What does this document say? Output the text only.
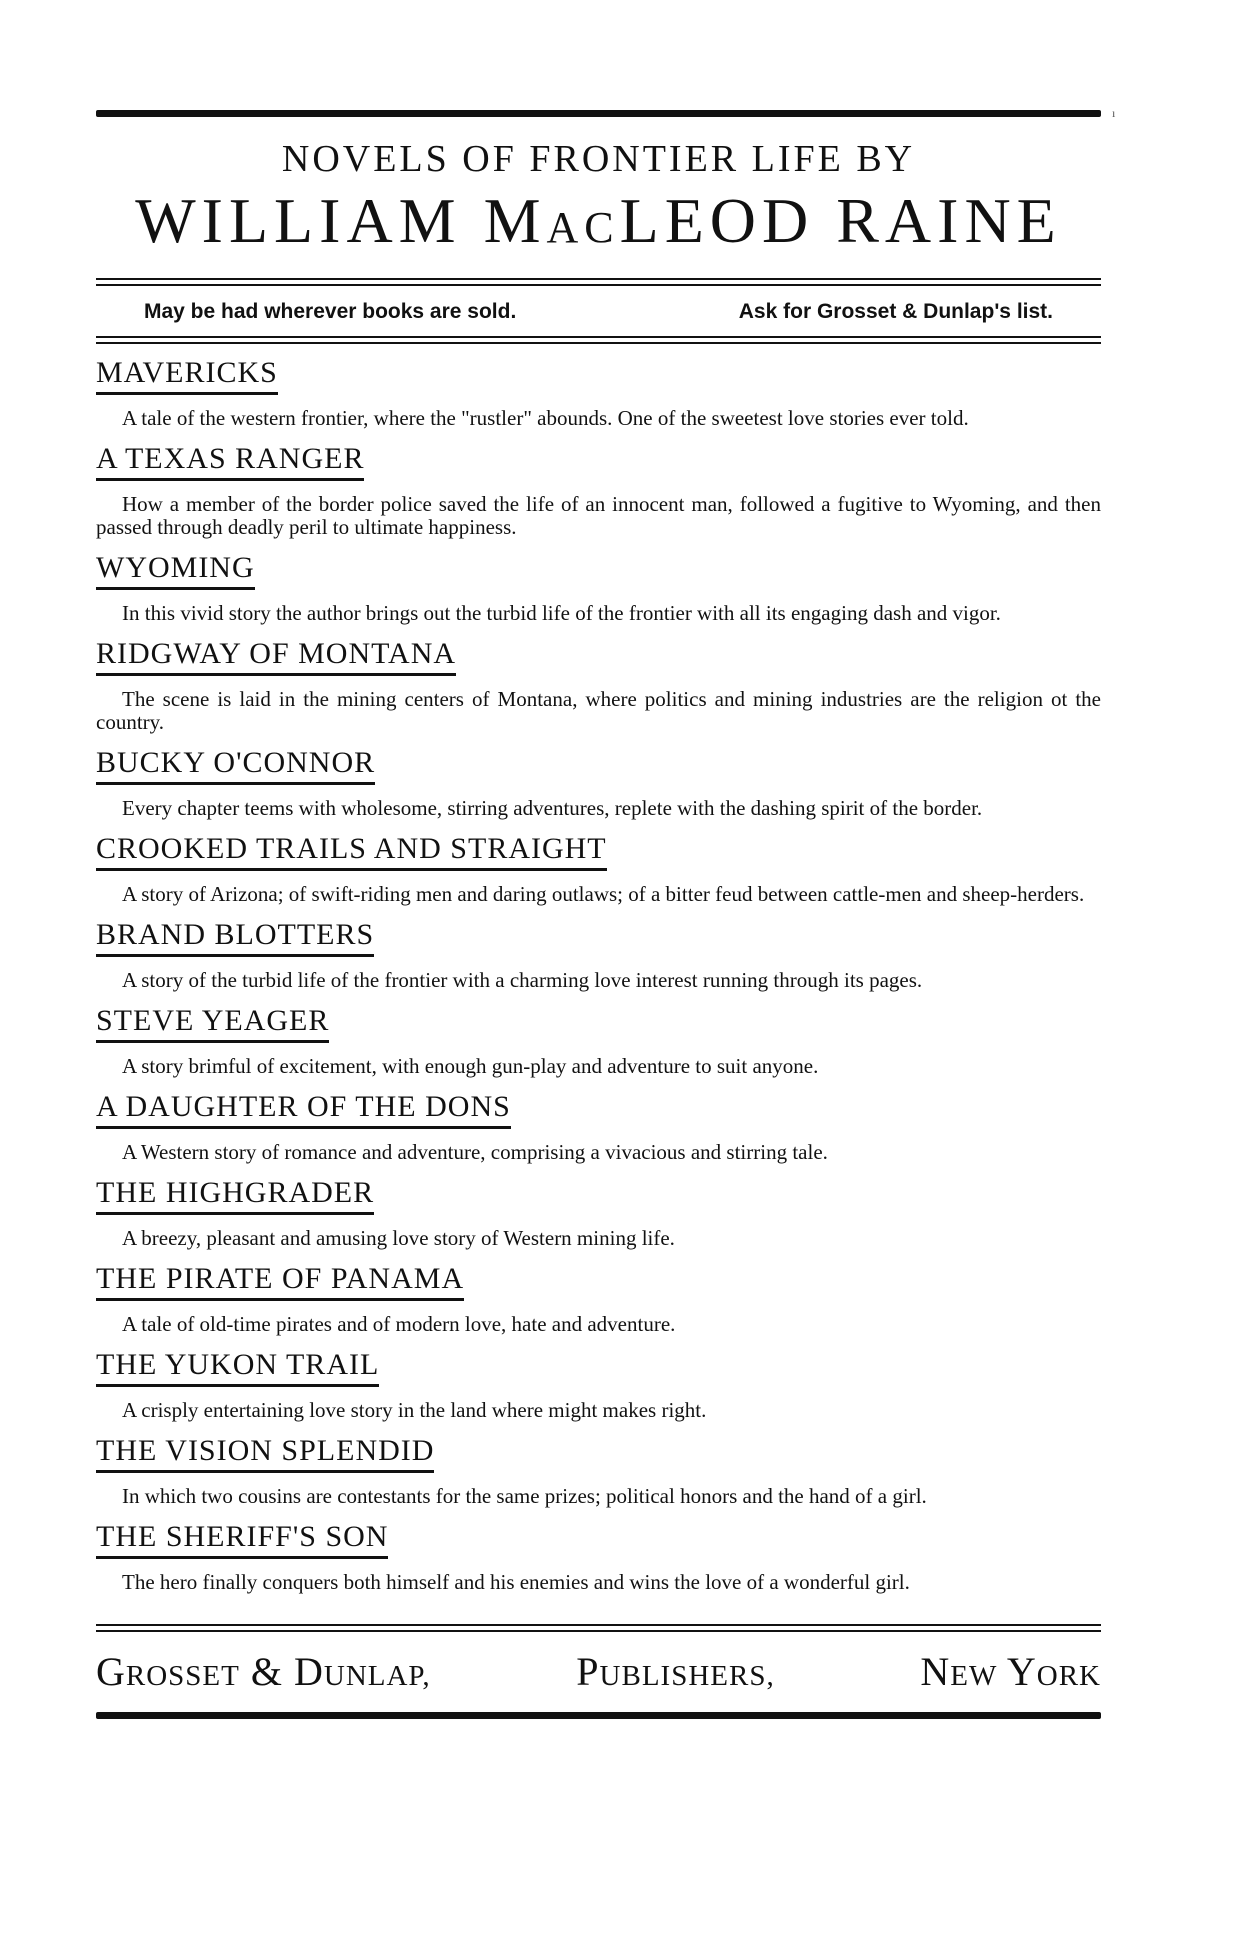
ı
NOVELS OF FRONTIER LIFE BY
WILLIAM MACLEOD RAINE
May be had wherever books are sold.	Ask for Grosset & Dunlap's list.
MAVERICKS
A tale of the western frontier, where the "rustler" abounds. One of the sweetest love stories ever told.
A TEXAS RANGER
How a member of the border police saved the life of an innocent man, followed a fugitive to Wyoming, and then passed through deadly peril to ultimate happiness.
WYOMING
In this vivid story the author brings out the turbid life of the frontier with all its engaging dash and vigor.
RIDGWAY OF MONTANA
The scene is laid in the mining centers of Montana, where politics and mining industries are the religion ot the country.
BUCKY O'CONNOR
Every chapter teems with wholesome, stirring adventures, replete with the dashing spirit of the border.
CROOKED TRAILS AND STRAIGHT
A story of Arizona; of swift-riding men and daring outlaws; of a bitter feud between cattle-men and sheep-herders.
BRAND BLOTTERS
A story of the turbid life of the frontier with a charming love interest running through its pages.
STEVE YEAGER
A story brimful of excitement, with enough gun-play and adventure to suit anyone.
A DAUGHTER OF THE DONS
A Western story of romance and adventure, comprising a vivacious and stirring tale.
THE HIGHGRADER
A breezy, pleasant and amusing love story of Western mining life.
THE PIRATE OF PANAMA
A tale of old-time pirates and of modern love, hate and adventure.
THE YUKON TRAIL
A crisply entertaining love story in the land where might makes right.
THE VISION SPLENDID
In which two cousins are contestants for the same prizes; political honors and the hand of a girl.
THE SHERIFF'S SON
The hero finally conquers both himself and his enemies and wins the love of a wonderful girl.
GROSSET & DUNLAP,	PUBLISHERS,	NEW YORK
